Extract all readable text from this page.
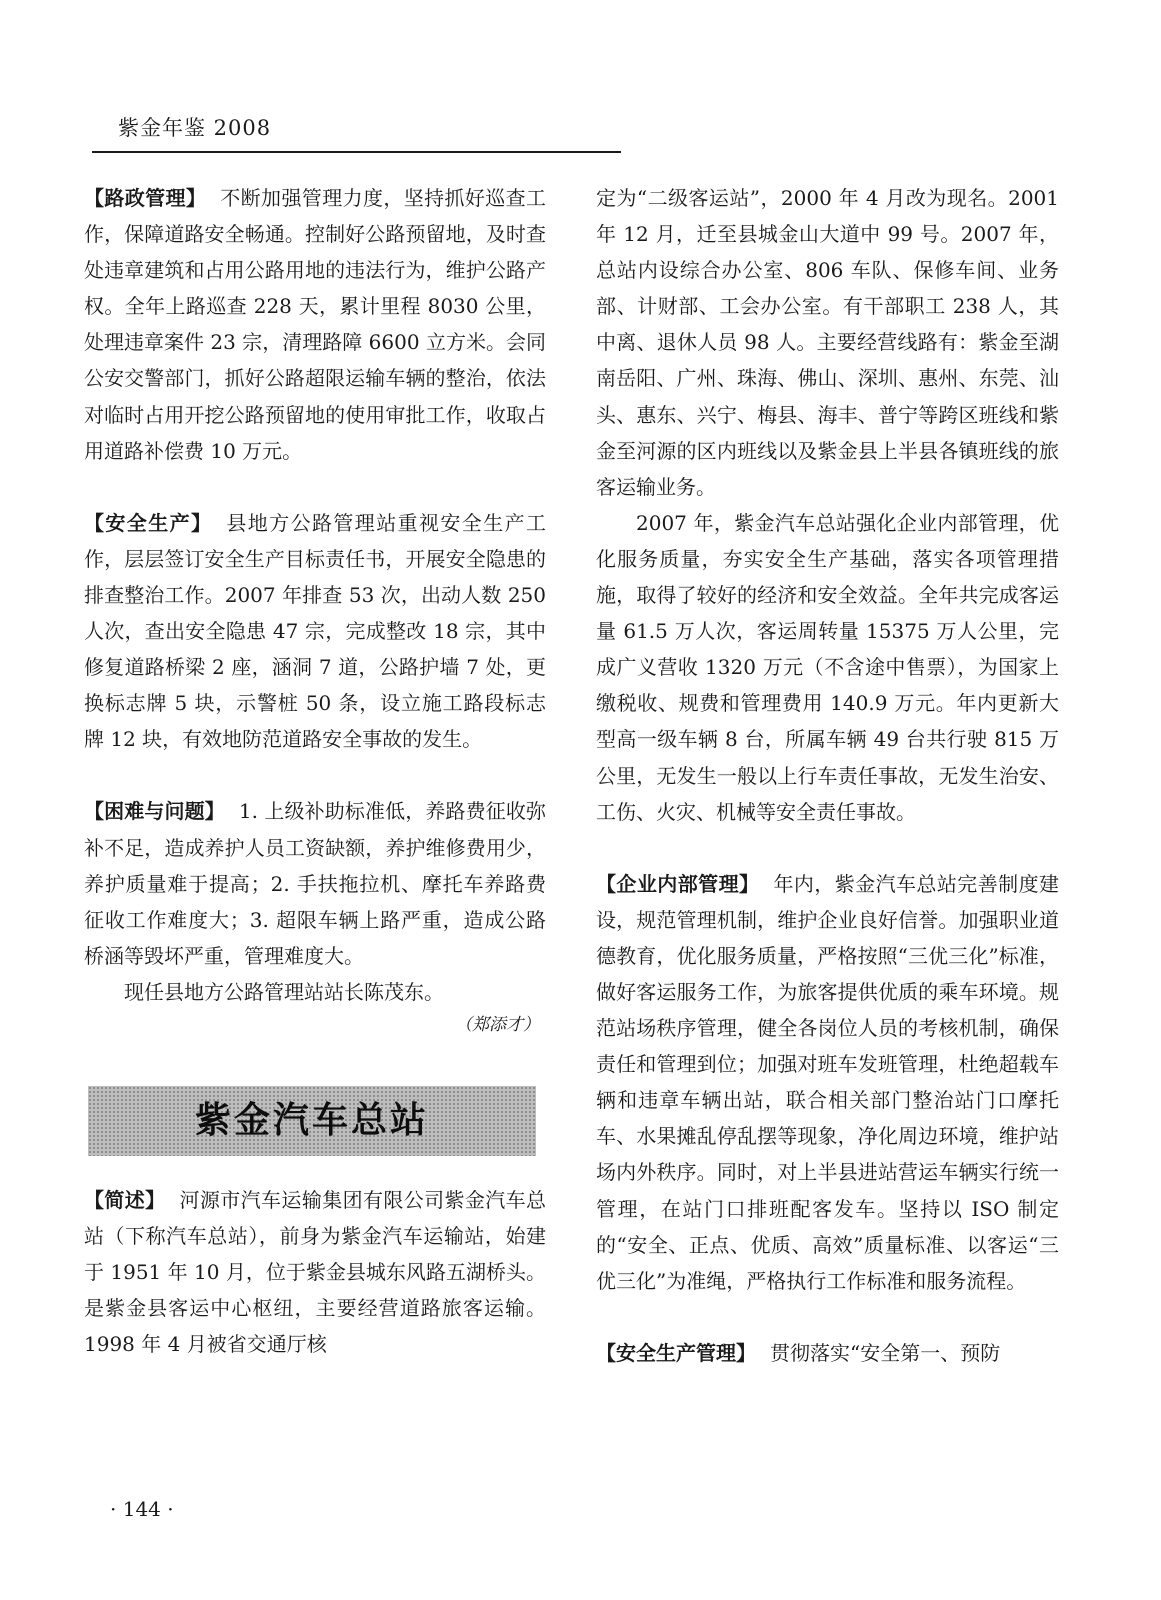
紫金年鉴 2008

【路政管理】 不断加强管理力度，坚持抓好巡查工作，保障道路安全畅通。控制好公路预留地，及时查处违章建筑和占用公路用地的违法行为，维护公路产权。全年上路巡查 228 天，累计里程 8030 公里，处理违章案件 23 宗，清理路障 6600 立方米。会同公安交警部门，抓好公路超限运输车辆的整治，依法对临时占用开挖公路预留地的使用审批工作，收取占用道路补偿费 10 万元。

【安全生产】 县地方公路管理站重视安全生产工作，层层签订安全生产目标责任书，开展安全隐患的排查整治工作。2007 年排查 53 次，出动人数 250 人次，查出安全隐患 47 宗，完成整改 18 宗，其中修复道路桥梁 2 座，涵洞 7 道，公路护墙 7 处，更换标志牌 5 块，示警桩 50 条，设立施工路段标志牌 12 块，有效地防范道路安全事故的发生。

【困难与问题】 1. 上级补助标准低，养路费征收弥补不足，造成养护人员工资缺额，养护维修费用少，养护质量难于提高；2. 手扶拖拉机、摩托车养路费征收工作难度大；3. 超限车辆上路严重，造成公路桥涵等毁坏严重，管理难度大。

现任县地方公路管理站站长陈茂东。

（郑添才）

紫金汽车总站

【简述】 河源市汽车运输集团有限公司紫金汽车总站（下称汽车总站），前身为紫金汽车运输站，始建于 1951 年 10 月，位于紫金县城东风路五湖桥头。是紫金县客运中心枢纽，主要经营道路旅客运输。1998 年 4 月被省交通厅核

定为“二级客运站”，2000 年 4 月改为现名。2001 年 12 月，迁至县城金山大道中 99 号。2007 年，总站内设综合办公室、806 车队、保修车间、业务部、计财部、工会办公室。有干部职工 238 人，其中离、退休人员 98 人。主要经营线路有：紫金至湖南岳阳、广州、珠海、佛山、深圳、惠州、东莞、汕头、惠东、兴宁、梅县、海丰、普宁等跨区班线和紫金至河源的区内班线以及紫金县上半县各镇班线的旅客运输业务。

2007 年，紫金汽车总站强化企业内部管理，优化服务质量，夯实安全生产基础，落实各项管理措施，取得了较好的经济和安全效益。全年共完成客运量 61.5 万人次，客运周转量 15375 万人公里，完成广义营收 1320 万元（不含途中售票），为国家上缴税收、规费和管理费用 140.9 万元。年内更新大型高一级车辆 8 台，所属车辆 49 台共行驶 815 万公里，无发生一般以上行车责任事故，无发生治安、工伤、火灾、机械等安全责任事故。

【企业内部管理】 年内，紫金汽车总站完善制度建设，规范管理机制，维护企业良好信誉。加强职业道德教育，优化服务质量，严格按照“三优三化”标准，做好客运服务工作，为旅客提供优质的乘车环境。规范站场秩序管理，健全各岗位人员的考核机制，确保责任和管理到位；加强对班车发班管理，杜绝超载车辆和违章车辆出站，联合相关部门整治站门口摩托车、水果摊乱停乱摆等现象，净化周边环境，维护站场内外秩序。同时，对上半县进站营运车辆实行统一管理，在站门口排班配客发车。坚持以 ISO 制定的“安全、正点、优质、高效”质量标准、以客运“三优三化”为准绳，严格执行工作标准和服务流程。

【安全生产管理】 贯彻落实“安全第一、预防

· 144 ·
